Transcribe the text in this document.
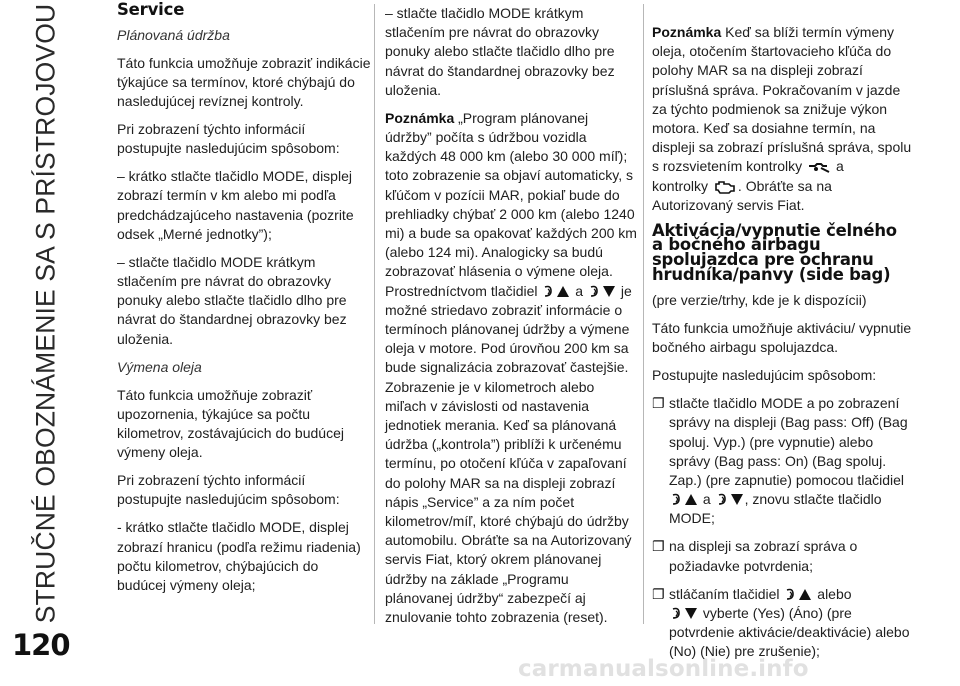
STRUČNÉ OBOZNÁMENIE SA S PRÍSTROJOVOU
120
carmanualsonline.info

Service

Plánovaná údržba

Táto funkcia umožňuje zobraziť indikácie týkajúce sa termínov, ktoré chýbajú do nasledujúcej revíznej kontroly.

Pri zobrazení týchto informácií postupujte nasledujúcim spôsobom:

– krátko stlačte tlačidlo MODE, displej zobrazí termín v km alebo mi podľa predchádzajúceho nastavenia (pozrite odsek „Merné jednotky”);

– stlačte tlačidlo MODE krátkym stlačením pre návrat do obrazovky ponuky alebo stlačte tlačidlo dlho pre návrat do štandardnej obrazovky bez uloženia.

Výmena oleja

Táto funkcia umožňuje zobraziť upozornenia, týkajúce sa počtu kilometrov, zostávajúcich do budúcej výmeny oleja.

Pri zobrazení týchto informácií postupujte nasledujúcim spôsobom:

- krátko stlačte tlačidlo MODE, displej zobrazí hranicu (podľa režimu riadenia) počtu kilometrov, chýbajúcich do budúcej výmeny oleja;

– stlačte tlačidlo MODE krátkym stlačením pre návrat do obrazovky ponuky alebo stlačte tlačidlo dlho pre návrat do štandardnej obrazovky bez uloženia.

Poznámka „Program plánovanej údržby” počíta s údržbou vozidla každých 48 000 km (alebo 30 000 míľ); toto zobrazenie sa objaví automaticky, s kľúčom v pozícii MAR, pokiaľ bude do prehliadky chýbať 2 000 km (alebo 1240 mi) a bude sa opakovať každých 200 km (alebo 124 mi). Analogicky sa budú zobrazovať hlásenia o výmene oleja. Prostredníctvom tlačidiel	a	je možné striedavo zobraziť informácie o termínoch plánovanej údržby a výmene oleja v motore. Pod úrovňou 200 km sa bude signalizácia zobrazovať častejšie. Zobrazenie je v kilometroch alebo miľach v závislosti od nastavenia jednotiek merania. Keď sa plánovaná údržba („kontrola”) priblíži k určenému termínu, po otočení kľúča v zapaľovaní do polohy MAR sa na displeji zobrazí nápis „Service” a za ním počet kilometrov/míľ, ktoré chýbajú do údržby automobilu. Obráťte sa na Autorizovaný servis Fiat, ktorý okrem plánovanej údržby na základe „Programu plánovanej údržby“ zabezpečí aj znulovanie tohto zobrazenia (reset).

Poznámka Keď sa blíži termín výmeny oleja, otočením štartovacieho kľúča do polohy MAR sa na displeji zobrazí príslušná správa. Pokračovaním v jazde za týchto podmienok sa znižuje výkon motora. Keď sa dosiahne termín, na displeji sa zobrazí príslušná správa, spolu s rozsvietením kontrolky a
kontrolky . Obráťte sa na Autorizovaný servis Fiat.

Aktivácia/vypnutie čelného a bočného airbagu spolujazdca pre ochranu hrudníka/panvy (side bag)

(pre verzie/trhy, kde je k dispozícii)

Táto funkcia umožňuje aktiváciu/ vypnutie bočného airbagu spolujazdca.

Postupujte nasledujúcim spôsobom:

❐ stlačte tlačidlo MODE a po zobrazení správy na displeji (Bag pass: Off) (Bag spoluj. Vyp.) (pre vypnutie) alebo správy (Bag pass: On) (Bag spoluj. Zap.) (pre zapnutie) pomocou tlačidiel

a , znovu stlačte tlačidlo MODE;
❐ na displeji sa zobrazí správa o požiadavke potvrdenia;
❐ stláčaním tlačidiel	alebo

vyberte (Yes) (Áno) (pre potvrdenie aktivácie/deaktivácie) alebo (No) (Nie) pre zrušenie);
